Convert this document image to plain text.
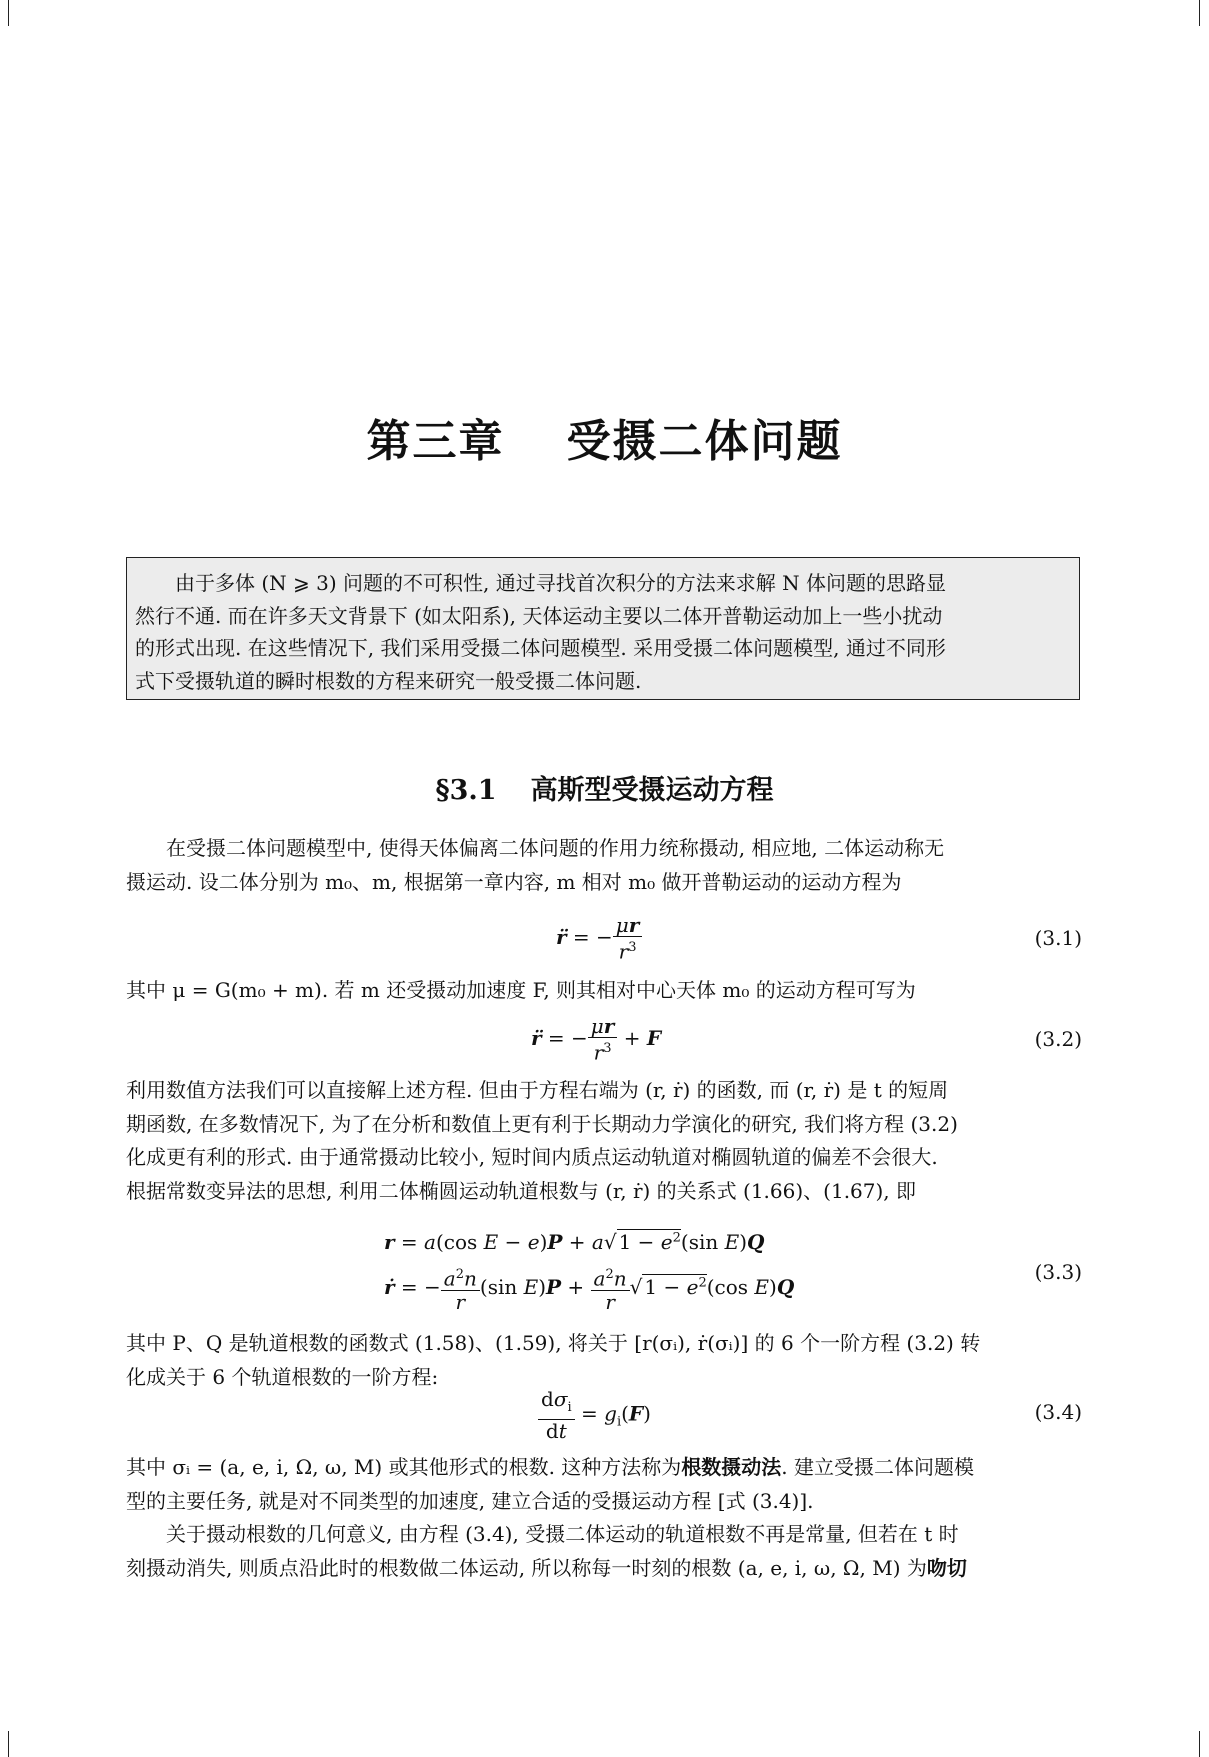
第三章 受摄二体问题
由于多体 (N ⩾ 3) 问题的不可积性, 通过寻找首次积分的方法来求解 N 体问题的思路显
然行不通. 而在许多天文背景下 (如太阳系), 天体运动主要以二体开普勒运动加上一些小扰动
的形式出现. 在这些情况下, 我们采用受摄二体问题模型. 采用受摄二体问题模型, 通过不同形
式下受摄轨道的瞬时根数的方程来研究一般受摄二体问题.
§3.1 高斯型受摄运动方程
在受摄二体问题模型中, 使得天体偏离二体问题的作用力统称摄动, 相应地, 二体运动称无
摄运动. 设二体分别为 m₀、m, 根据第一章内容, m 相对 m₀ 做开普勒运动的运动方程为
r̈ = − $\frac{\mu r}{r^3}$	(3.1)
其中 μ = G(m₀ + m). 若 m 还受摄动加速度 F, 则其相对中心天体 m₀ 的运动方程可写为
r̈ = − $\frac{\mu r}{r^3} + F$	(3.2)
利用数值方法我们可以直接解上述方程. 但由于方程右端为 (r, ṙ) 的函数, 而 (r, ṙ) 是 t 的短周
期函数, 在多数情况下, 为了在分析和数值上更有利于长期动力学演化的研究, 我们将方程 (3.2)
化成更有利的形式. 由于通常摄动比较小, 短时间内质点运动轨道对椭圆轨道的偏差不会很大.
根据常数变异法的思想, 利用二体椭圆运动轨道根数与 (r, ṙ) 的关系式 (1.66)、(1.67), 即
r = a(cos E − e)P + a√ $1 - e^2(\sin$ E)Q
ṙ = − $\frac{a^2n}{r} (\sin$ $E)P + \frac{a^2n}{r}$ √ $1 - e^2(\cos$ E)Q
(3.3)
其中 P、Q 是轨道根数的函数式 (1.58)、(1.59), 将关于 [r(σᵢ), ṙ(σᵢ)] 的 6 个一阶方程 (3.2) 转
化成关于 6 个轨道根数的一阶方程:
$\frac{d\sigma_i}{dt} = g_i(F)$	(3.4)
其中 σᵢ = (a, e, i, Ω, ω, M) 或其他形式的根数. 这种方法称为根数摄动法. 建立受摄二体问题模
型的主要任务, 就是对不同类型的加速度, 建立合适的受摄运动方程 [式 (3.4)].
关于摄动根数的几何意义, 由方程 (3.4), 受摄二体运动的轨道根数不再是常量, 但若在 t 时
刻摄动消失, 则质点沿此时的根数做二体运动, 所以称每一时刻的根数 (a, e, i, ω, Ω, M) 为吻切
